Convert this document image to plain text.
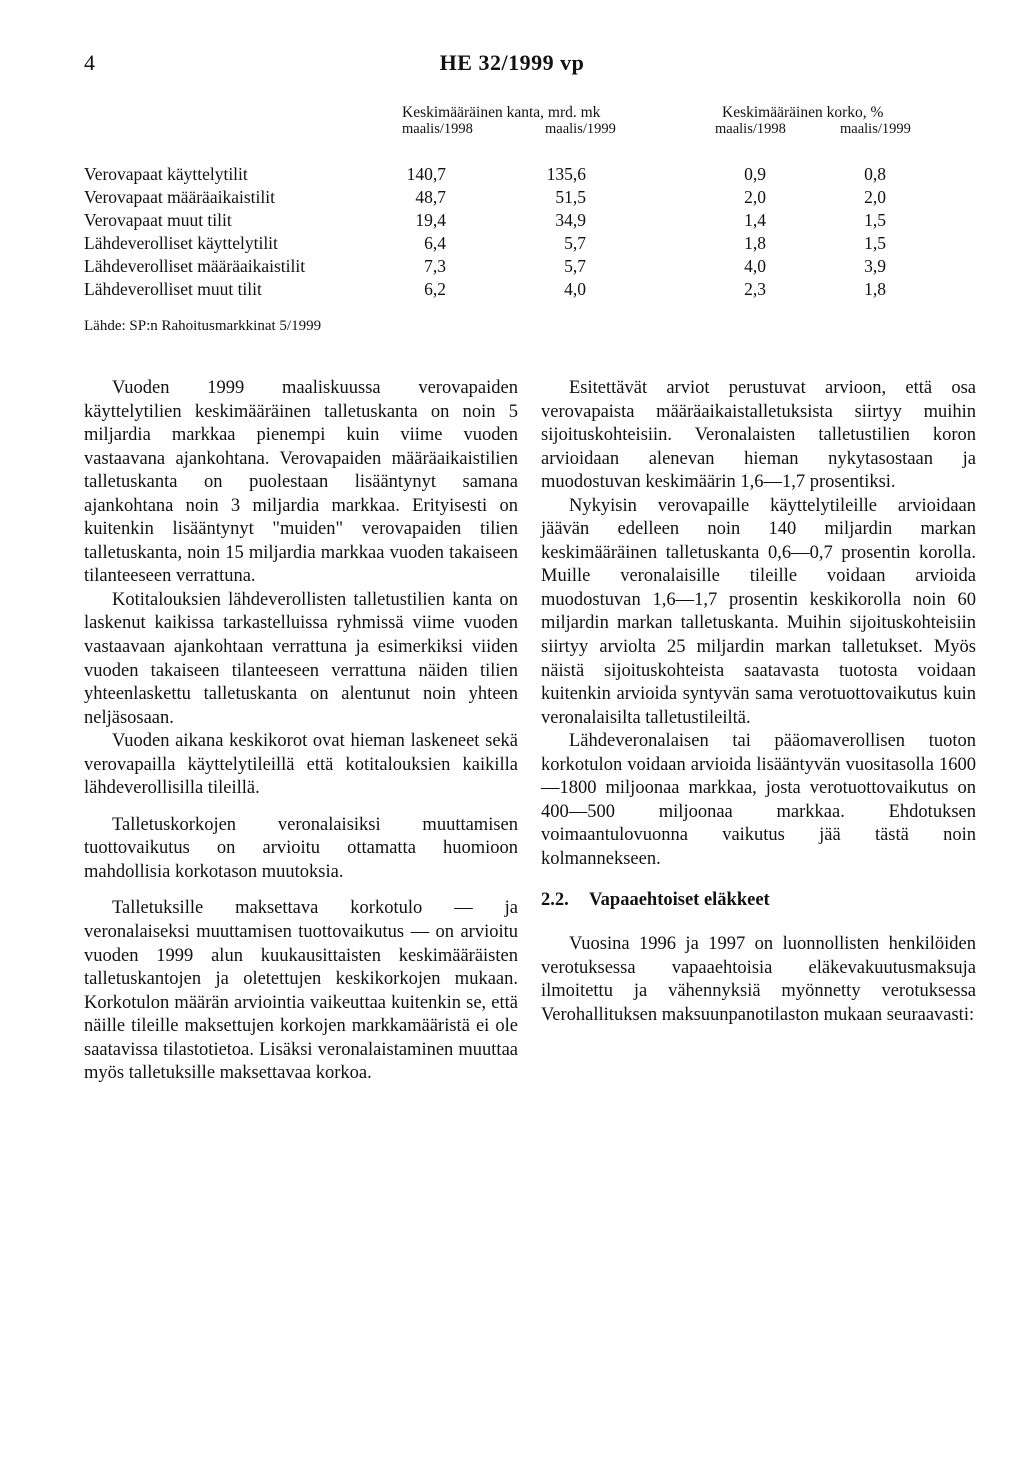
4	HE 32/1999 vp
Keskimääräinen kanta, mrd. mk	Keskimääräinen korko, %
maalis/1998	maalis/1999	maalis/1998	maalis/1999
Verovapaat käyttelytilit	140,7	135,6	0,9	0,8
Verovapaat määräaikaistilit	48,7	51,5	2,0	2,0
Verovapaat muut tilit	19,4	34,9	1,4	1,5
Lähdeverolliset käyttelytilit	6,4	5,7	1,8	1,5
Lähdeverolliset määräaikaistilit	7,3	5,7	4,0	3,9
Lähdeverolliset muut tilit	6,2	4,0	2,3	1,8
Lähde: SP:n Rahoitusmarkkinat 5/1999

Vuoden 1999 maaliskuussa verovapaiden käyttelytilien keskimääräinen talletuskanta on noin 5 miljardia markkaa pienempi kuin viime vuoden vastaavana ajankohtana. Verovapaiden määräaikaistilien talletuskanta on puolestaan lisääntynyt samana ajankohtana noin 3 miljardia markkaa. Erityisesti on kuitenkin lisääntynyt "muiden" verovapaiden tilien talletuskanta, noin 15 miljardia markkaa vuoden takaiseen tilanteeseen verrattuna.

Kotitalouksien lähdeverollisten talletustilien kanta on laskenut kaikissa tarkastelluissa ryhmissä viime vuoden vastaavaan ajankohtaan verrattuna ja esimerkiksi viiden vuoden takaiseen tilanteeseen verrattuna näiden tilien yhteenlaskettu talletuskanta on alentunut noin yhteen neljäsosaan.

Vuoden aikana keskikorot ovat hieman laskeneet sekä verovapailla käyttelytileillä että kotitalouksien kaikilla lähdeverollisilla tileillä.

Talletuskorkojen veronalaisiksi muuttamisen tuottovaikutus on arvioitu ottamatta huomioon mahdollisia korkotason muutoksia.

Talletuksille maksettava korkotulo — ja veronalaiseksi muuttamisen tuottovaikutus — on arvioitu vuoden 1999 alun kuukausittaisten keskimääräisten talletuskantojen ja oletettujen keskikorkojen mukaan. Korkotulon määrän arviointia vaikeuttaa kuitenkin se, että näille tileille maksettujen korkojen markkamääristä ei ole saatavissa tilastotietoa. Lisäksi veronalaistaminen muuttaa myös talletuksille maksettavaa korkoa.

Esitettävät arviot perustuvat arvioon, että osa verovapaista määräaikaistalletuksista siirtyy muihin sijoituskohteisiin. Veronalaisten talletustilien koron arvioidaan alenevan hieman nykytasostaan ja muodostuvan keskimäärin 1,6—1,7 prosentiksi.

Nykyisin verovapaille käyttelytileille arvioidaan jäävän edelleen noin 140 miljardin markan keskimääräinen talletuskanta 0,6—0,7 prosentin korolla. Muille veronalaisille tileille voidaan arvioida muodostuvan 1,6—1,7 prosentin keskikorolla noin 60 miljardin markan talletuskanta. Muihin sijoituskohteisiin siirtyy arviolta 25 miljardin markan talletukset. Myös näistä sijoituskohteista saatavasta tuotosta voidaan kuitenkin arvioida syntyvän sama verotuottovaikutus kuin veronalaisilta talletustileiltä.

Lähdeveronalaisen tai pääomaverollisen tuoton korkotulon voidaan arvioida lisääntyvän vuositasolla 1600—1800 miljoonaa markkaa, josta verotuottovaikutus on 400—500 miljoonaa markkaa. Ehdotuksen voimaantulovuonna vaikutus jää tästä noin kolmannekseen.

2.2. Vapaaehtoiset eläkkeet

Vuosina 1996 ja 1997 on luonnollisten henkilöiden verotuksessa vapaaehtoisia eläkevakuutusmaksuja ilmoitettu ja vähennyksiä myönnetty verotuksessa Verohallituksen maksuunpanotilaston mukaan seuraavasti:
